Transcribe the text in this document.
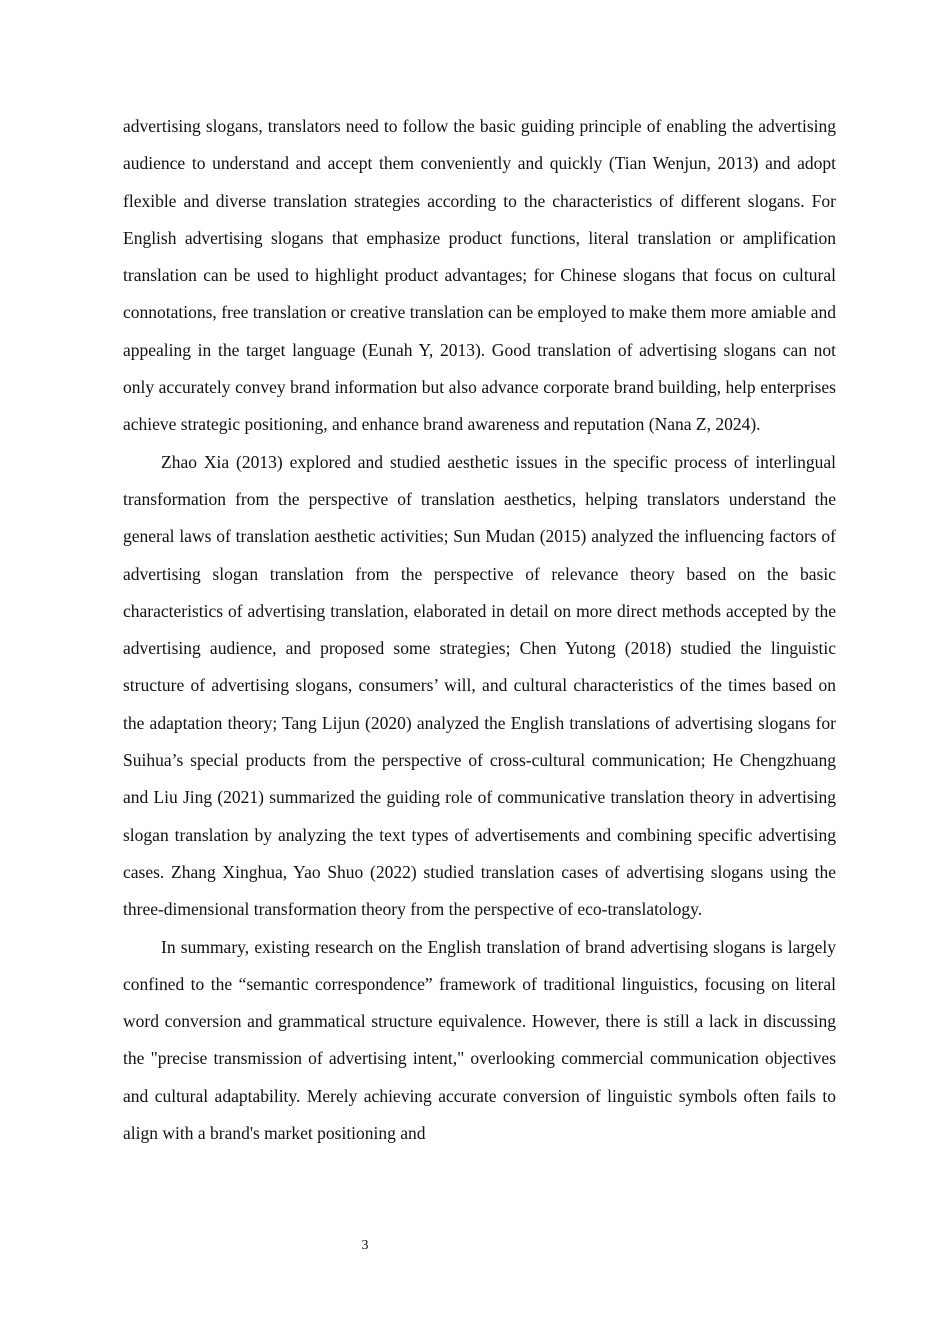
advertising slogans, translators need to follow the basic guiding principle of enabling the advertising audience to understand and accept them conveniently and quickly (Tian Wenjun, 2013) and adopt flexible and diverse translation strategies according to the characteristics of different slogans. For English advertising slogans that emphasize product functions, literal translation or amplification translation can be used to highlight product advantages; for Chinese slogans that focus on cultural connotations, free translation or creative translation can be employed to make them more amiable and appealing in the target language (Eunah Y, 2013). Good translation of advertising slogans can not only accurately convey brand information but also advance corporate brand building, help enterprises achieve strategic positioning, and enhance brand awareness and reputation (Nana Z, 2024).

Zhao Xia (2013) explored and studied aesthetic issues in the specific process of interlingual transformation from the perspective of translation aesthetics, helping translators understand the general laws of translation aesthetic activities; Sun Mudan (2015) analyzed the influencing factors of advertising slogan translation from the perspective of relevance theory based on the basic characteristics of advertising translation, elaborated in detail on more direct methods accepted by the advertising audience, and proposed some strategies; Chen Yutong (2018) studied the linguistic structure of advertising slogans, consumers’ will, and cultural characteristics of the times based on the adaptation theory; Tang Lijun (2020) analyzed the English translations of advertising slogans for Suihua’s special products from the perspective of cross-cultural communication; He Chengzhuang and Liu Jing (2021) summarized the guiding role of communicative translation theory in advertising slogan translation by analyzing the text types of advertisements and combining specific advertising cases. Zhang Xinghua, Yao Shuo (2022) studied translation cases of advertising slogans using the three-dimensional transformation theory from the perspective of eco-translatology.

In summary, existing research on the English translation of brand advertising slogans is largely confined to the “semantic correspondence” framework of traditional linguistics, focusing on literal word conversion and grammatical structure equivalence. However, there is still a lack in discussing the "precise transmission of advertising intent," overlooking commercial communication objectives and cultural adaptability. Merely achieving accurate conversion of linguistic symbols often fails to align with a brand's market positioning and

3
